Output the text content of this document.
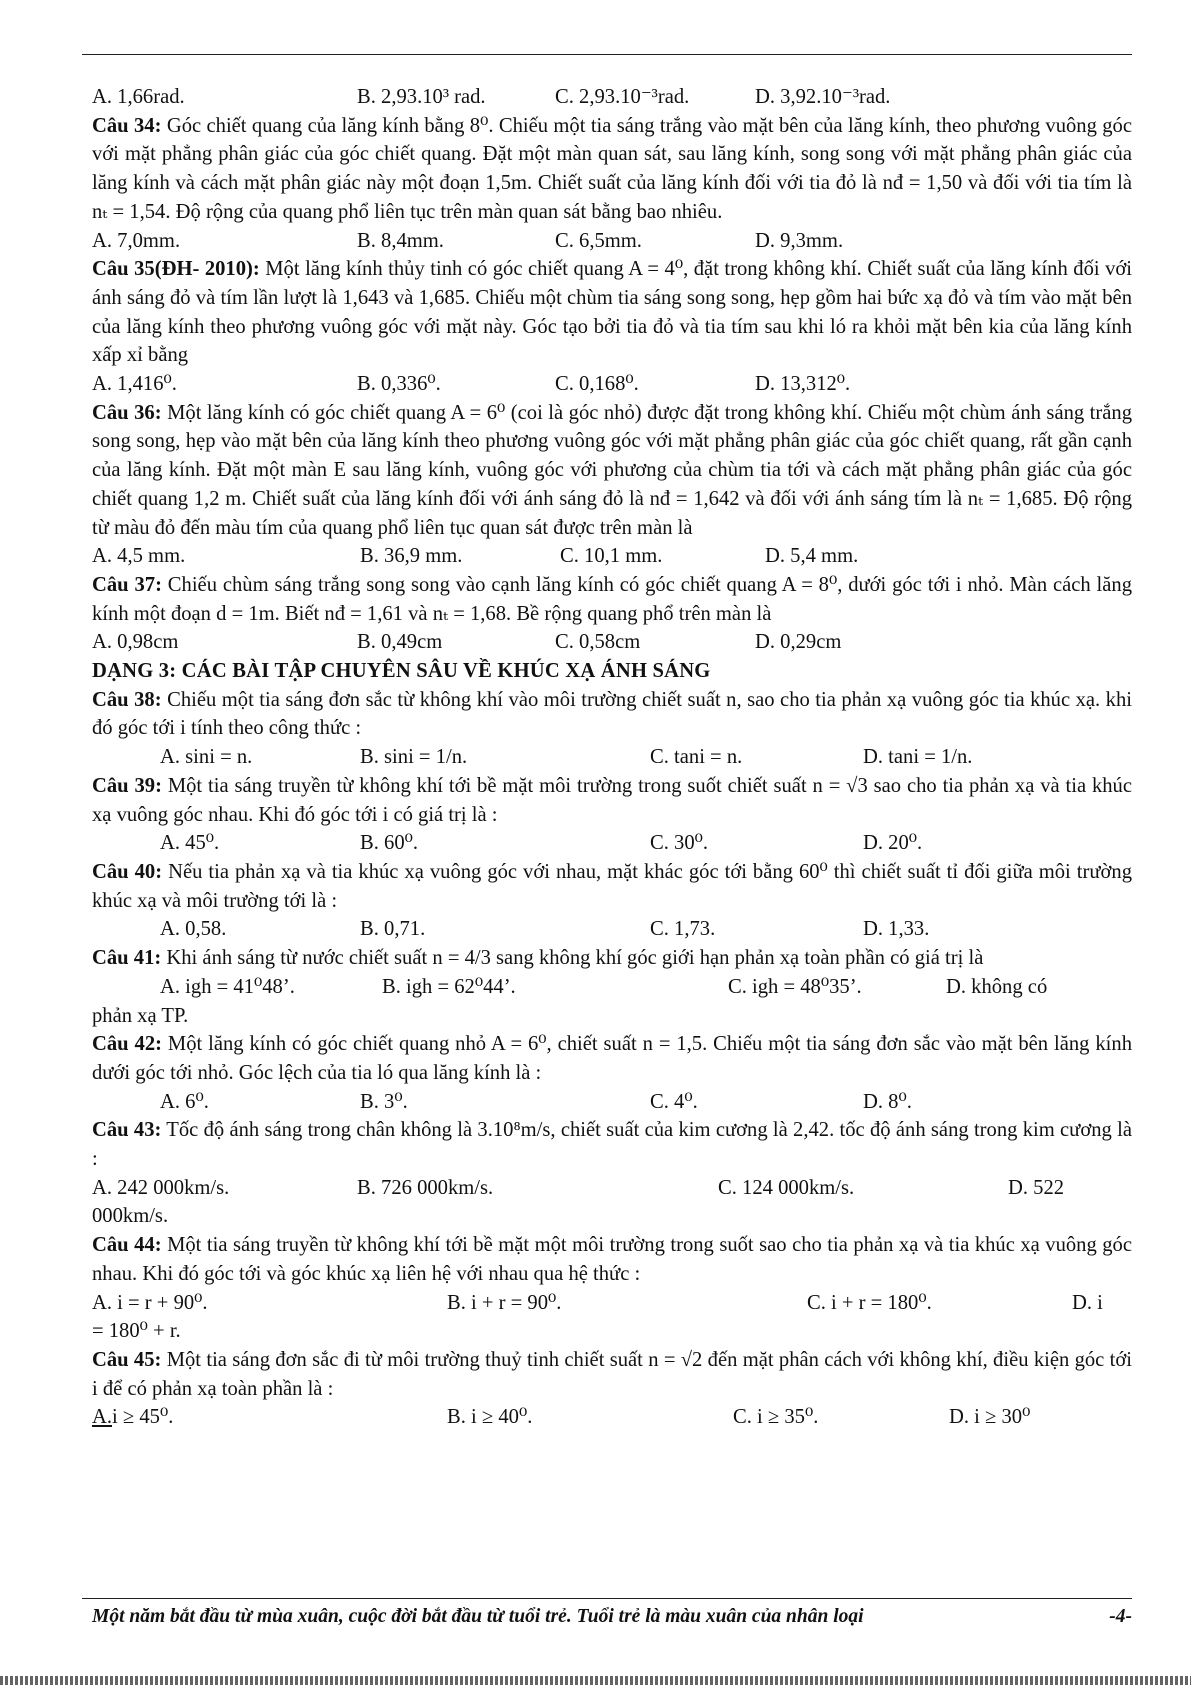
A. 1,66rad.	B. 2,93.10³ rad.	C. 2,93.10⁻³rad.	D. 3,92.10⁻³rad.

Câu 34: Góc chiết quang của lăng kính bằng 8⁰. Chiếu một tia sáng trắng vào mặt bên của lăng kính, theo phương vuông góc với mặt phẳng phân giác của góc chiết quang. Đặt một màn quan sát, sau lăng kính, song song với mặt phẳng phân giác của lăng kính và cách mặt phân giác này một đoạn 1,5m. Chiết suất của lăng kính đối với tia đỏ là nđ = 1,50 và đối với tia tím là nₜ = 1,54. Độ rộng của quang phổ liên tục trên màn quan sát bằng bao nhiêu.

A. 7,0mm.	B. 8,4mm.	C. 6,5mm.	D. 9,3mm.

Câu 35(ĐH- 2010): Một lăng kính thủy tinh có góc chiết quang A = 4⁰, đặt trong không khí. Chiết suất của lăng kính đối với ánh sáng đỏ và tím lần lượt là 1,643 và 1,685. Chiếu một chùm tia sáng song song, hẹp gồm hai bức xạ đỏ và tím vào mặt bên của lăng kính theo phương vuông góc với mặt này. Góc tạo bởi tia đỏ và tia tím sau khi ló ra khỏi mặt bên kia của lăng kính xấp xỉ bằng

A. 1,416⁰.	B. 0,336⁰.	C. 0,168⁰.	D. 13,312⁰.

Câu 36: Một lăng kính có góc chiết quang A = 6⁰ (coi là góc nhỏ) được đặt trong không khí. Chiếu một chùm ánh sáng trắng song song, hẹp vào mặt bên của lăng kính theo phương vuông góc với mặt phẳng phân giác của góc chiết quang, rất gần cạnh của lăng kính. Đặt một màn E sau lăng kính, vuông góc với phương của chùm tia tới và cách mặt phẳng phân giác của góc chiết quang 1,2 m. Chiết suất của lăng kính đối với ánh sáng đỏ là nđ = 1,642 và đối với ánh sáng tím là nₜ = 1,685. Độ rộng từ màu đỏ đến màu tím của quang phổ liên tục quan sát được trên màn là

A. 4,5 mm.	B. 36,9 mm.	C. 10,1 mm.	D. 5,4 mm.

Câu 37: Chiếu chùm sáng trắng song song vào cạnh lăng kính có góc chiết quang A = 8⁰, dưới góc tới i nhỏ. Màn cách lăng kính một đoạn d = 1m. Biết nđ = 1,61 và nₜ = 1,68. Bề rộng quang phổ trên màn là

A. 0,98cm	B. 0,49cm	C. 0,58cm	D. 0,29cm

DẠNG 3: CÁC BÀI TẬP CHUYÊN SÂU VỀ KHÚC XẠ ÁNH SÁNG

Câu 38: Chiếu một tia sáng đơn sắc từ không khí vào môi trường chiết suất n, sao cho tia phản xạ vuông góc tia khúc xạ. khi đó góc tới i tính theo công thức :

A. sini = n.	B. sini = 1/n.	C. tani = n.	D. tani = 1/n.

Câu 39: Một tia sáng truyền từ không khí tới bề mặt môi trường trong suốt chiết suất n = √3 sao cho tia phản xạ và tia khúc xạ vuông góc nhau. Khi đó góc tới i có giá trị là :

A. 45⁰.	B. 60⁰.	C. 30⁰.	D. 20⁰.

Câu 40: Nếu tia phản xạ và tia khúc xạ vuông góc với nhau, mặt khác góc tới bằng 60⁰ thì chiết suất tỉ đối giữa môi trường khúc xạ và môi trường tới là :

A. 0,58.	B. 0,71.	C. 1,73.	D. 1,33.

Câu 41: Khi ánh sáng từ nước chiết suất n = 4/3 sang không khí góc giới hạn phản xạ toàn phần có giá trị là

A. igh = 41⁰48’.	B. igh = 62⁰44’.	C. igh = 48⁰35’.	D. không có

phản xạ TP.

Câu 42: Một lăng kính có góc chiết quang nhỏ A = 6⁰, chiết suất n = 1,5. Chiếu một tia sáng đơn sắc vào mặt bên lăng kính dưới góc tới nhỏ. Góc lệch của tia ló qua lăng kính là :

A. 6⁰.	B. 3⁰.	C. 4⁰.	D. 8⁰.

Câu 43: Tốc độ ánh sáng trong chân không là 3.10⁸m/s, chiết suất của kim cương là 2,42. tốc độ ánh sáng trong kim cương là :

A. 242 000km/s.	B. 726 000km/s.	C. 124 000km/s.	D. 522

000km/s.

Câu 44: Một tia sáng truyền từ không khí tới bề mặt một môi trường trong suốt sao cho tia phản xạ và tia khúc xạ vuông góc nhau. Khi đó góc tới và góc khúc xạ liên hệ với nhau qua hệ thức :

A. i = r + 90⁰.	B. i + r = 90⁰.	C. i + r = 180⁰.	D. i

= 180⁰ + r.

Câu 45: Một tia sáng đơn sắc đi từ môi trường thuỷ tinh chiết suất n = √2 đến mặt phân cách với không khí, điều kiện góc tới i để có phản xạ toàn phần là :

A.i ≥ 45⁰.	B. i ≥ 40⁰.	C. i ≥ 35⁰.	D. i ≥ 30⁰
Một năm bắt đầu từ mùa xuân, cuộc đời bắt đầu từ tuổi trẻ. Tuổi trẻ là màu xuân của nhân loại	-4-
